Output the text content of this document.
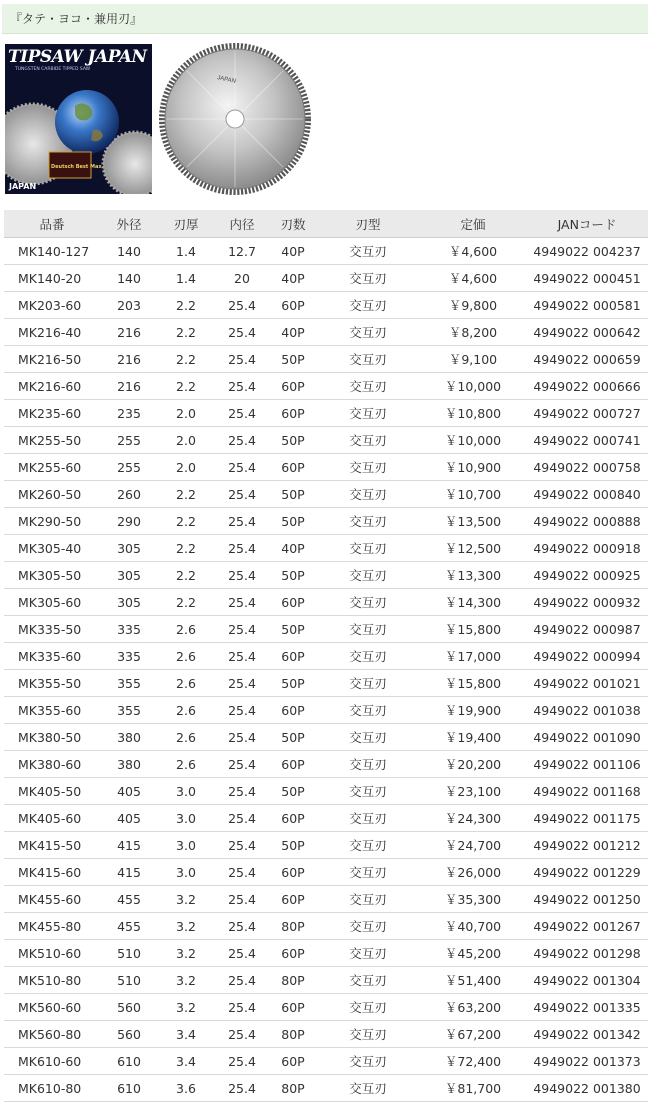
『タテ・ヨコ・兼用刃』
TIPSAW JAPAN
TUNGSTEN CARBIDE TIPPED SAW
Deutsch Best Max
JAPAN
JAPAN
品番	外径	刃厚	内径	刃数	刃型	定価	JANコード
MK140-127	140	1.4	12.7	40P	交互刃	￥4,600	4949022 004237
MK140-20	140	1.4	20	40P	交互刃	￥4,600	4949022 000451
MK203-60	203	2.2	25.4	60P	交互刃	￥9,800	4949022 000581
MK216-40	216	2.2	25.4	40P	交互刃	￥8,200	4949022 000642
MK216-50	216	2.2	25.4	50P	交互刃	￥9,100	4949022 000659
MK216-60	216	2.2	25.4	60P	交互刃	￥10,000	4949022 000666
MK235-60	235	2.0	25.4	60P	交互刃	￥10,800	4949022 000727
MK255-50	255	2.0	25.4	50P	交互刃	￥10,000	4949022 000741
MK255-60	255	2.0	25.4	60P	交互刃	￥10,900	4949022 000758
MK260-50	260	2.2	25.4	50P	交互刃	￥10,700	4949022 000840
MK290-50	290	2.2	25.4	50P	交互刃	￥13,500	4949022 000888
MK305-40	305	2.2	25.4	40P	交互刃	￥12,500	4949022 000918
MK305-50	305	2.2	25.4	50P	交互刃	￥13,300	4949022 000925
MK305-60	305	2.2	25.4	60P	交互刃	￥14,300	4949022 000932
MK335-50	335	2.6	25.4	50P	交互刃	￥15,800	4949022 000987
MK335-60	335	2.6	25.4	60P	交互刃	￥17,000	4949022 000994
MK355-50	355	2.6	25.4	50P	交互刃	￥15,800	4949022 001021
MK355-60	355	2.6	25.4	60P	交互刃	￥19,900	4949022 001038
MK380-50	380	2.6	25.4	50P	交互刃	￥19,400	4949022 001090
MK380-60	380	2.6	25.4	60P	交互刃	￥20,200	4949022 001106
MK405-50	405	3.0	25.4	50P	交互刃	￥23,100	4949022 001168
MK405-60	405	3.0	25.4	60P	交互刃	￥24,300	4949022 001175
MK415-50	415	3.0	25.4	50P	交互刃	￥24,700	4949022 001212
MK415-60	415	3.0	25.4	60P	交互刃	￥26,000	4949022 001229
MK455-60	455	3.2	25.4	60P	交互刃	￥35,300	4949022 001250
MK455-80	455	3.2	25.4	80P	交互刃	￥40,700	4949022 001267
MK510-60	510	3.2	25.4	60P	交互刃	￥45,200	4949022 001298
MK510-80	510	3.2	25.4	80P	交互刃	￥51,400	4949022 001304
MK560-60	560	3.2	25.4	60P	交互刃	￥63,200	4949022 001335
MK560-80	560	3.4	25.4	80P	交互刃	￥67,200	4949022 001342
MK610-60	610	3.4	25.4	60P	交互刃	￥72,400	4949022 001373
MK610-80	610	3.6	25.4	80P	交互刃	￥81,700	4949022 001380
